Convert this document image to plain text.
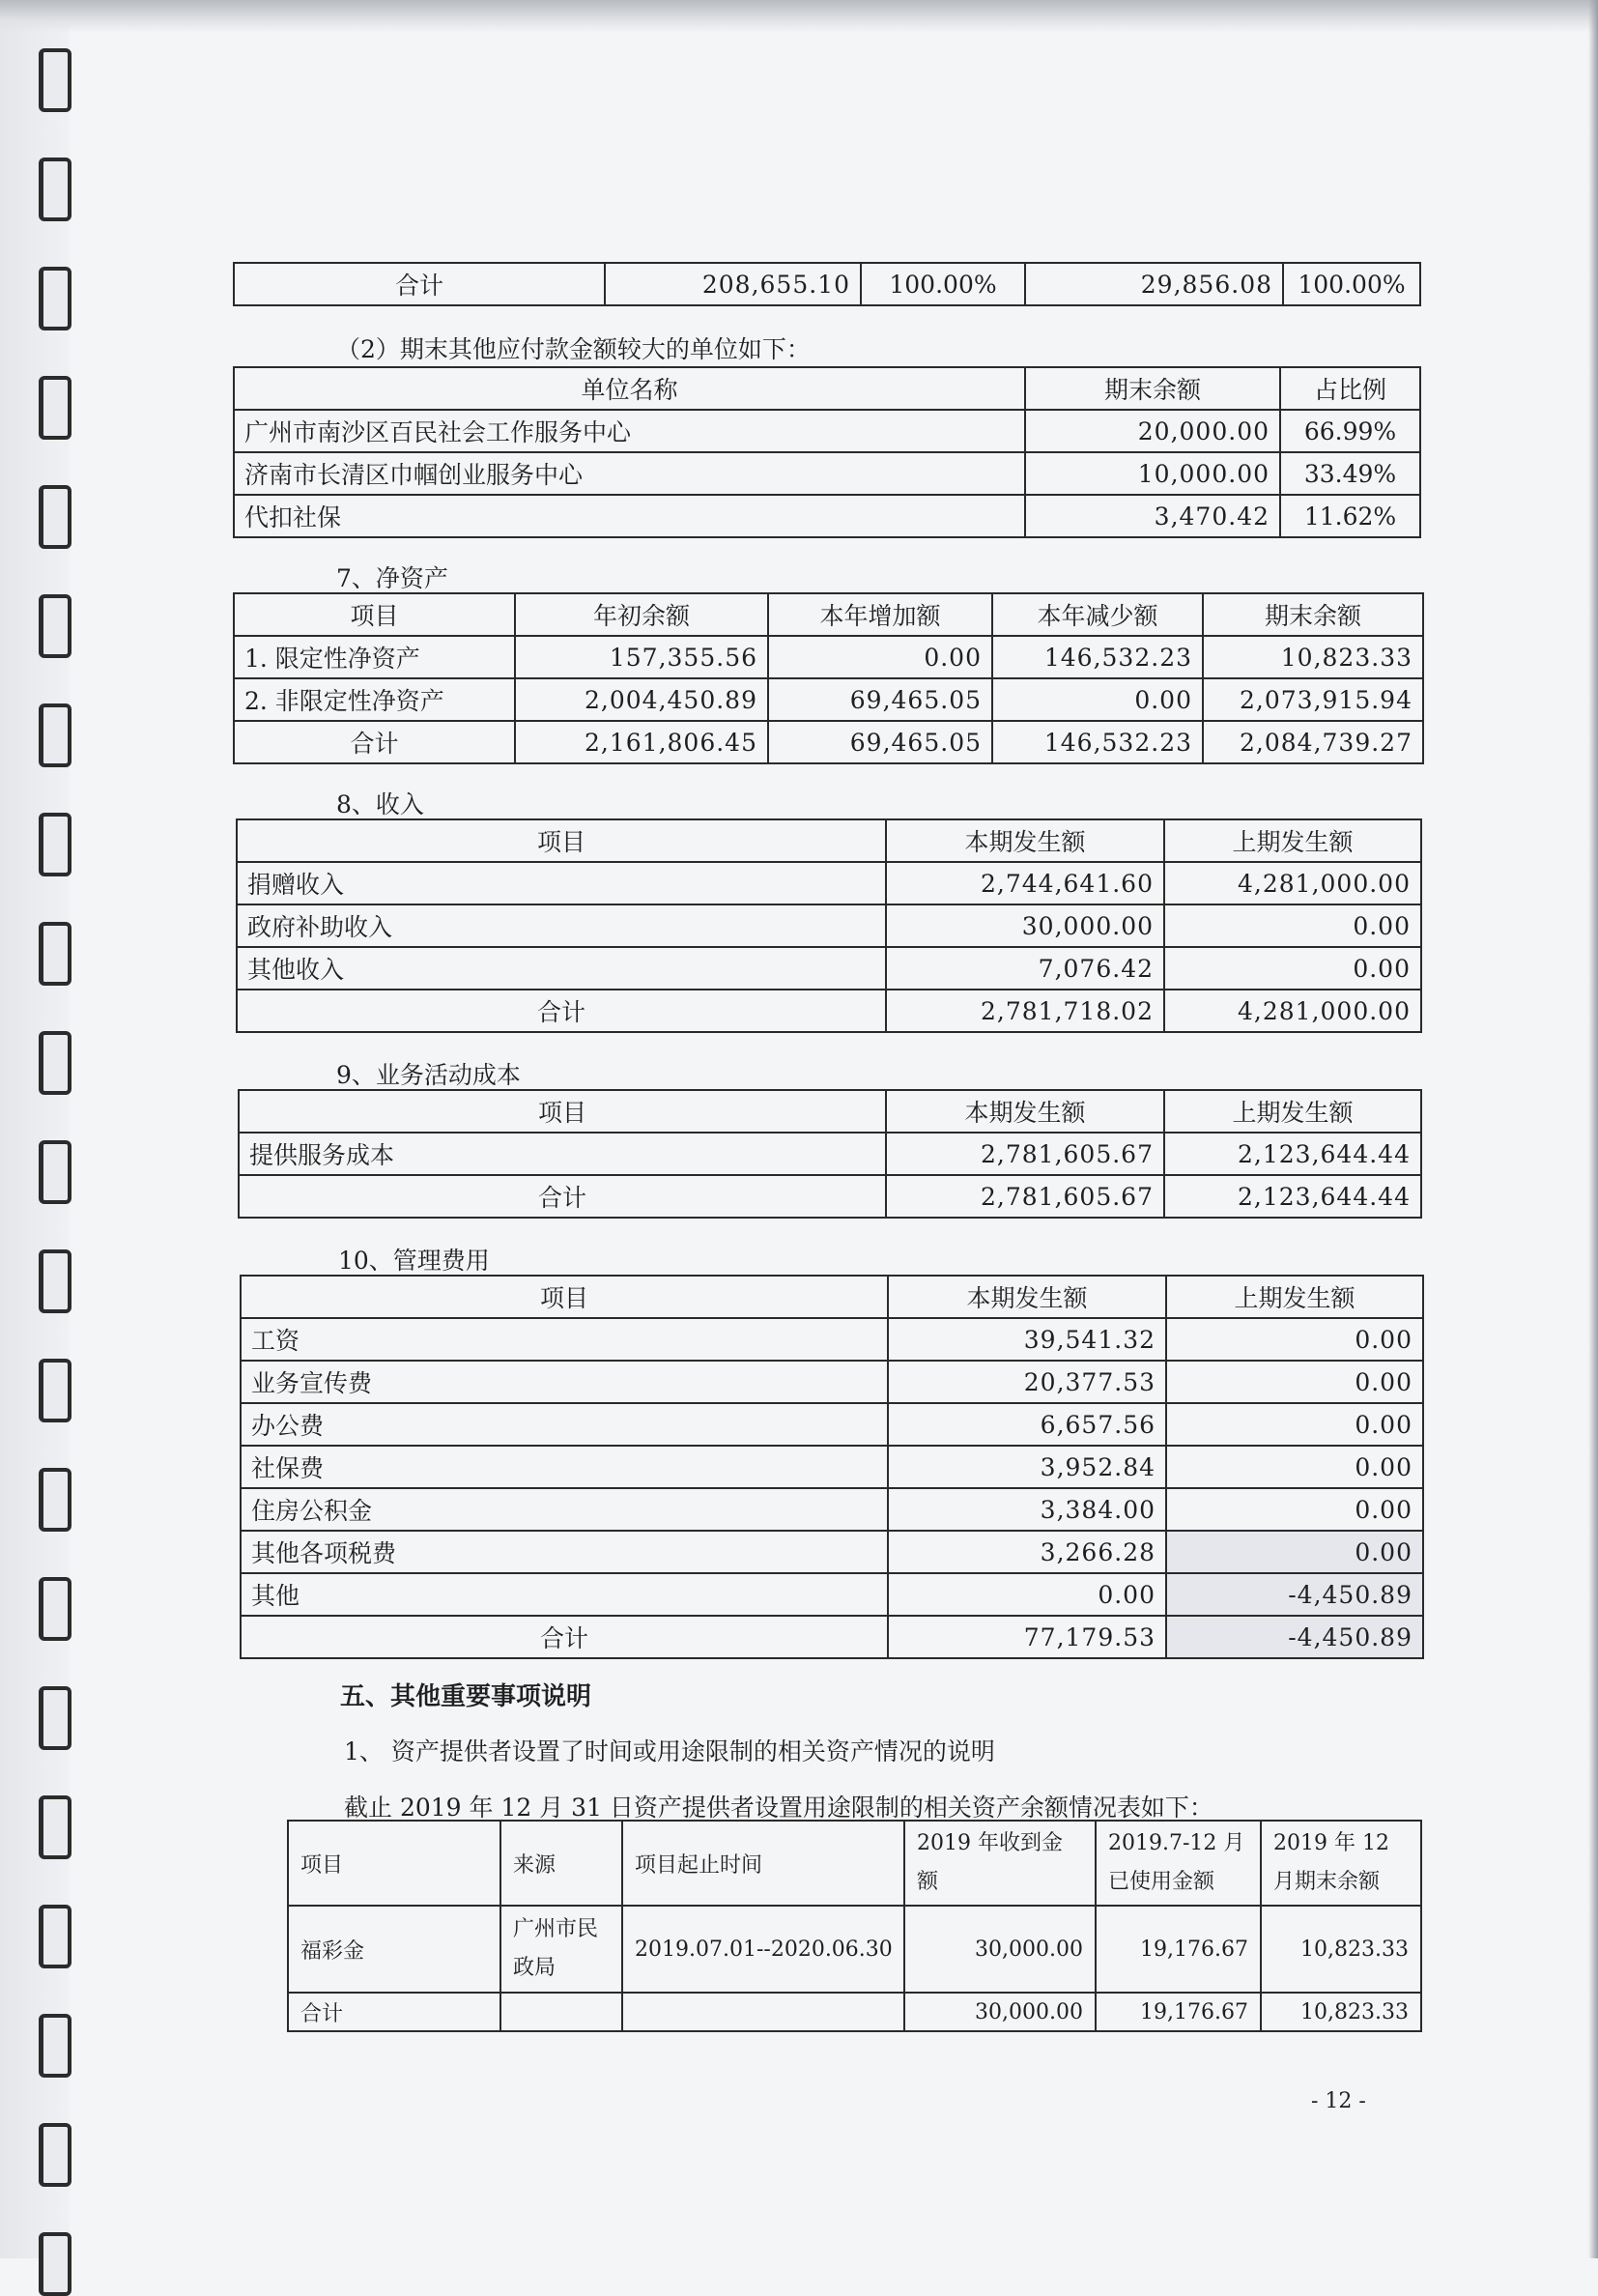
合计	208,655.10	100.00%	29,856.08	100.00%
（2）期末其他应付款金额较大的单位如下：
单位名称	期末余额	占比例
广州市南沙区百民社会工作服务中心	20,000.00	66.99%
济南市长清区巾帼创业服务中心	10,000.00	33.49%
代扣社保	3,470.42	11.62%
7、净资产
项目	年初余额	本年增加额	本年减少额	期末余额
1. 限定性净资产	157,355.56	0.00	146,532.23	10,823.33
2. 非限定性净资产	2,004,450.89	69,465.05	0.00	2,073,915.94
合计	2,161,806.45	69,465.05	146,532.23	2,084,739.27
8、收入
项目	本期发生额	上期发生额
捐赠收入	2,744,641.60	4,281,000.00
政府补助收入	30,000.00	0.00
其他收入	7,076.42	0.00
合计	2,781,718.02	4,281,000.00
9、业务活动成本
项目	本期发生额	上期发生额
提供服务成本	2,781,605.67	2,123,644.44
合计	2,781,605.67	2,123,644.44
10、管理费用
项目	本期发生额	上期发生额
工资	39,541.32	0.00
业务宣传费	20,377.53	0.00
办公费	6,657.56	0.00
社保费	3,952.84	0.00
住房公积金	3,384.00	0.00
其他各项税费	3,266.28	0.00
其他	0.00	-4,450.89
合计	77,179.53	-4,450.89
五、其他重要事项说明
1、 资产提供者设置了时间或用途限制的相关资产情况的说明
截止 2019 年 12 月 31 日资产提供者设置用途限制的相关资产余额情况表如下：
项目	来源	项目起止时间	2019 年收到金额	2019.7-12 月已使用金额	2019 年 12 月期末余额
福彩金	广州市民政局	2019.07.01--2020.06.30	30,000.00	19,176.67	10,823.33
合计			30,000.00	19,176.67	10,823.33
- 12 -
